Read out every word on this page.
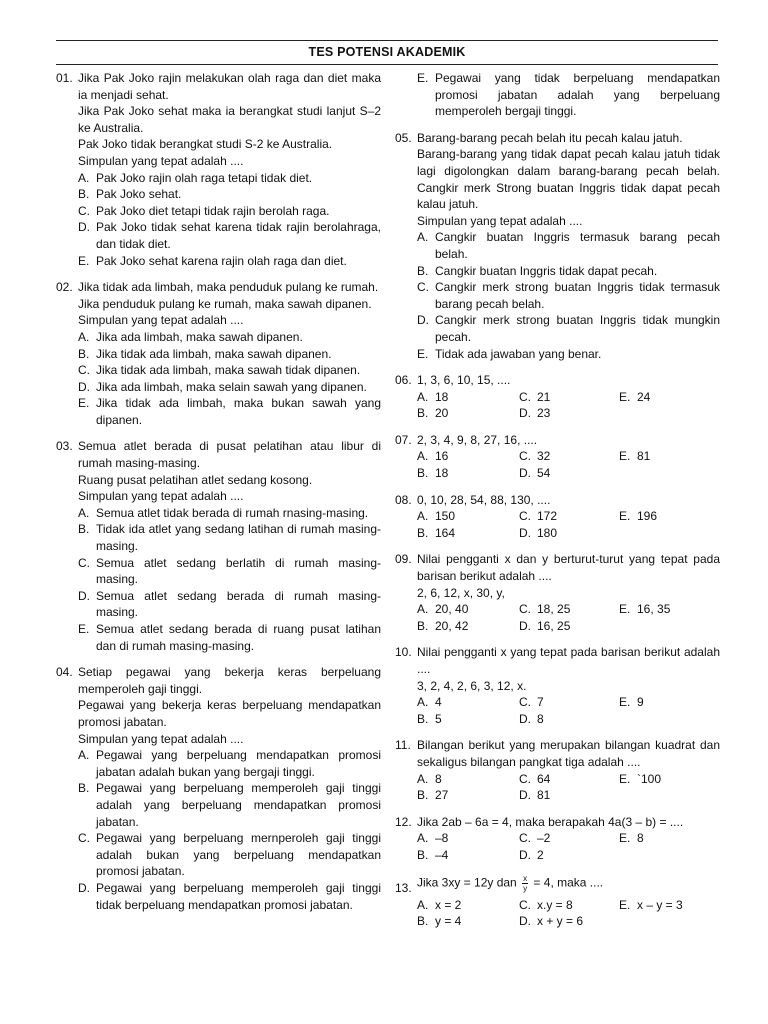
TES POTENSI AKADEMIK
01. Jika Pak Joko rajin melakukan olah raga dan diet maka ia menjadi sehat.
Jika Pak Joko sehat maka ia berangkat studi lanjut S–2 ke Australia.
Pak Joko tidak berangkat studi S-2 ke Australia.
Simpulan yang tepat adalah ....
A. Pak Joko rajin olah raga tetapi tidak diet.
B. Pak Joko sehat.
C. Pak Joko diet tetapi tidak rajin berolah raga.
D. Pak Joko tidak sehat karena tidak rajin berolahraga, dan tidak diet.
E. Pak Joko sehat karena rajin olah raga dan diet.
02. Jika tidak ada limbah, maka penduduk pulang ke rumah.
Jika penduduk pulang ke rumah, maka sawah dipanen.
Simpulan yang tepat adalah ....
A. Jika ada limbah, maka sawah dipanen.
B. Jika tidak ada limbah, maka sawah dipanen.
C. Jika tidak ada limbah, maka sawah tidak dipanen.
D. Jika ada limbah, maka selain sawah yang dipanen.
E. Jika tidak ada limbah, maka bukan sawah yang dipanen.
03. Semua atlet berada di pusat pelatihan atau libur di rumah masing-masing.
Ruang pusat pelatihan atlet sedang kosong.
Simpulan yang tepat adalah ....
A. Semua atlet tidak berada di rumah rnasing-masing.
B. Tidak ida atlet yang sedang latihan di rumah masing-masing.
C. Semua atlet sedang berlatih di rumah masing-masing.
D. Semua atlet sedang berada di rumah masing-masing.
E. Semua atlet sedang berada di ruang pusat latihan dan di rumah masing-masing.
04. Setiap pegawai yang bekerja keras berpeluang memperoleh gaji tinggi.
Pegawai yang bekerja keras berpeluang mendapatkan promosi jabatan.
Simpulan yang tepat adalah ....
A. Pegawai yang berpeluang mendapatkan promosi jabatan adalah bukan yang bergaji tinggi.
B. Pegawai yang berpeluang memperoleh gaji tinggi adalah yang berpeluang mendapatkan promosi jabatan.
C. Pegawai yang berpeluang mernperoleh gaji tinggi adalah bukan yang berpeluang mendapatkan promosi jabatan.
D. Pegawai yang berpeluang memperoleh gaji tinggi tidak berpeluang mendapatkan promosi jabatan.
E. Pegawai yang tidak berpeluang mendapatkan promosi jabatan adalah yang berpeluang memperoleh bergaji tinggi.
05. Barang-barang pecah belah itu pecah kalau jatuh.
Barang-barang yang tidak dapat pecah kalau jatuh tidak lagi digolongkan dalam barang-barang pecah belah. Cangkir merk Strong buatan Inggris tidak dapat pecah kalau jatuh.
Simpulan yang tepat adalah ....
A. Cangkir buatan Inggris termasuk barang pecah belah.
B. Cangkir buatan Inggris tidak dapat pecah.
C. Cangkir merk strong buatan Inggris tidak termasuk barang pecah belah.
D. Cangkir merk strong buatan Inggris tidak mungkin pecah.
E. Tidak ada jawaban yang benar.
06. 1, 3, 6, 10, 15, ....
A. 18	C. 21	E. 24
B. 20	D. 23
07. 2, 3, 4, 9, 8, 27, 16, ....
A. 16	C. 32	E. 81
B. 18	D. 54
08. 0, 10, 28, 54, 88, 130, ....
A. 150	C. 172	E. 196
B. 164	D. 180
09. Nilai pengganti x dan y berturut-turut yang tepat pada barisan berikut adalah ....
2, 6, 12, x, 30, y,
A. 20, 40	C. 18, 25	E. 16, 35
B. 20, 42	D. 16, 25
10. Nilai pengganti x yang tepat pada barisan berikut adalah ....
3, 2, 4, 2, 6, 3, 12, x.
A. 4	C. 7	E. 9
B. 5	D. 8
11. Bilangan berikut yang merupakan bilangan kuadrat dan sekaligus bilangan pangkat tiga adalah ....
A. 8	C. 64	E. `100
B. 27	D. 81
12. Jika 2ab – 6a = 4, maka berapakah 4a(3 – b) = ....
A. –8	C. –2	E. 8
B. –4	D. 2
13. Jika 3xy = 12y dan $\frac{x}{y} = 4$, maka ....
A. x = 2	C. x.y = 8	E. x – y = 3
B. y = 4	D. x + y = 6
